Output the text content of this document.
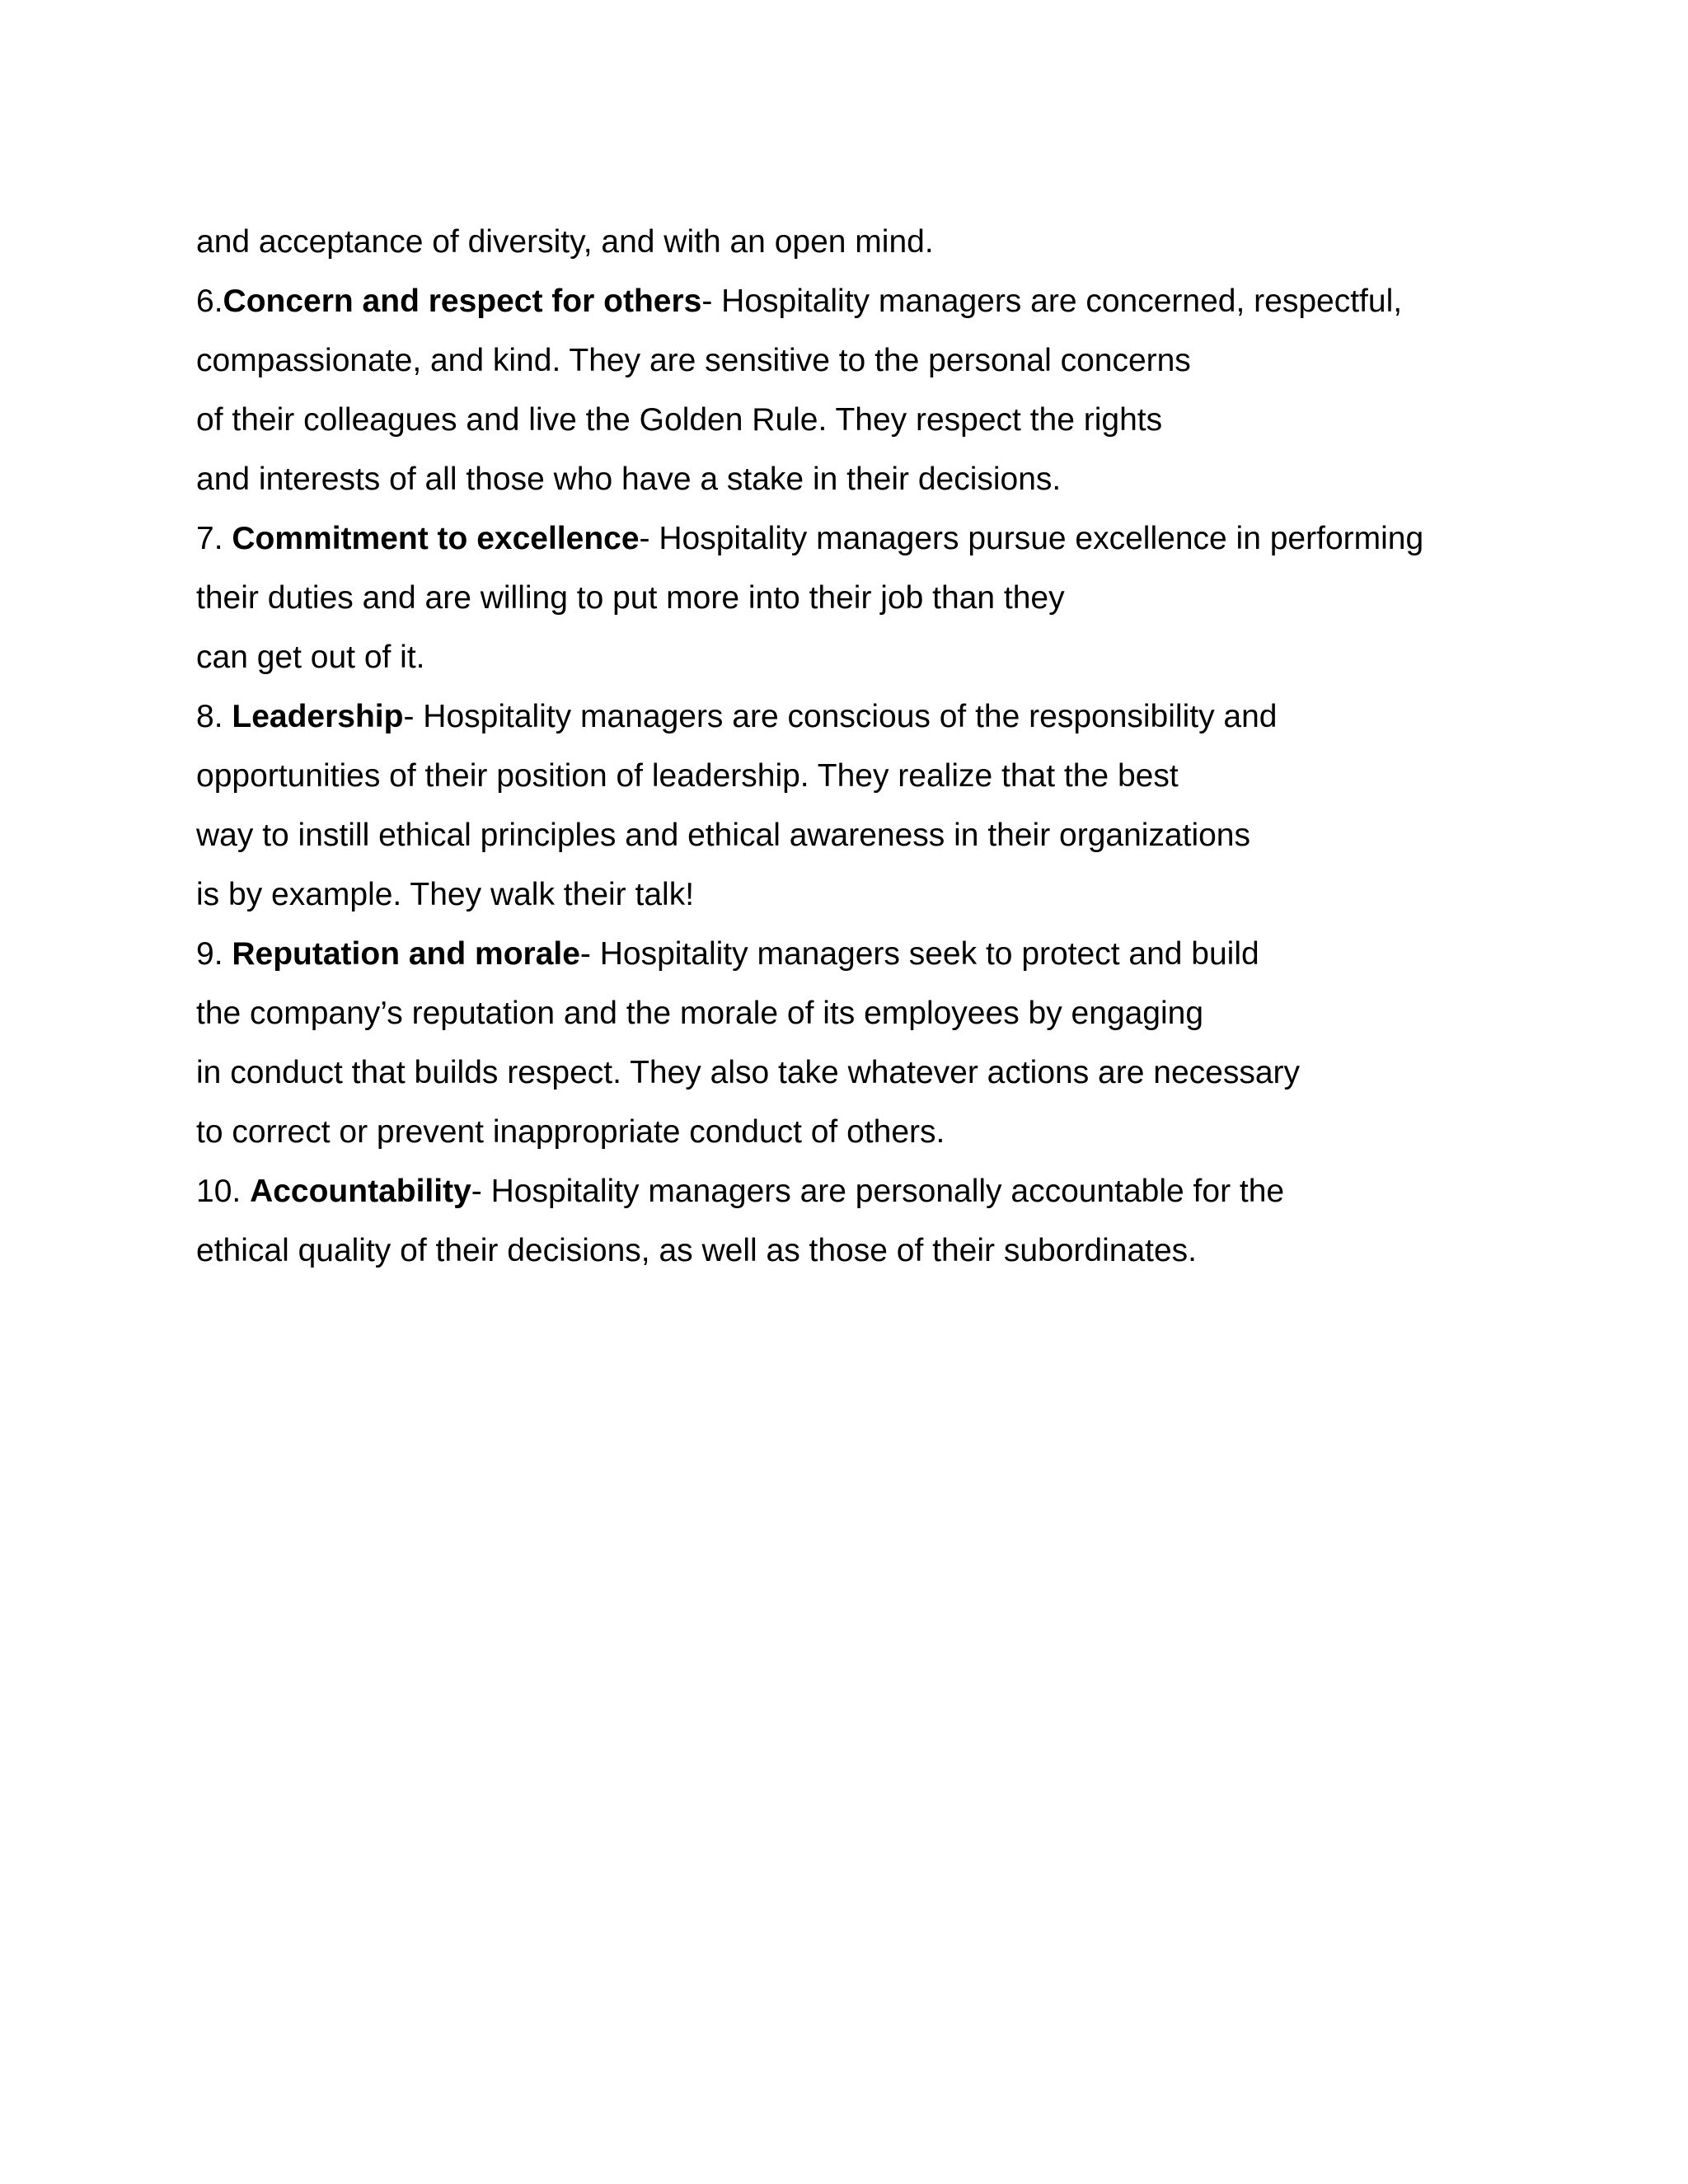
and acceptance of diversity, and with an open mind.
6.Concern and respect for others- Hospitality managers are concerned, respectful,
compassionate, and kind. They are sensitive to the personal concerns
of their colleagues and live the Golden Rule. They respect the rights
and interests of all those who have a stake in their decisions.
7. Commitment to excellence- Hospitality managers pursue excellence in performing
their duties and are willing to put more into their job than they
can get out of it.
8. Leadership- Hospitality managers are conscious of the responsibility and
opportunities of their position of leadership. They realize that the best
way to instill ethical principles and ethical awareness in their organizations
is by example. They walk their talk!
9. Reputation and morale- Hospitality managers seek to protect and build
the company’s reputation and the morale of its employees by engaging
in conduct that builds respect. They also take whatever actions are necessary
to correct or prevent inappropriate conduct of others.
10. Accountability- Hospitality managers are personally accountable for the
ethical quality of their decisions, as well as those of their subordinates.
